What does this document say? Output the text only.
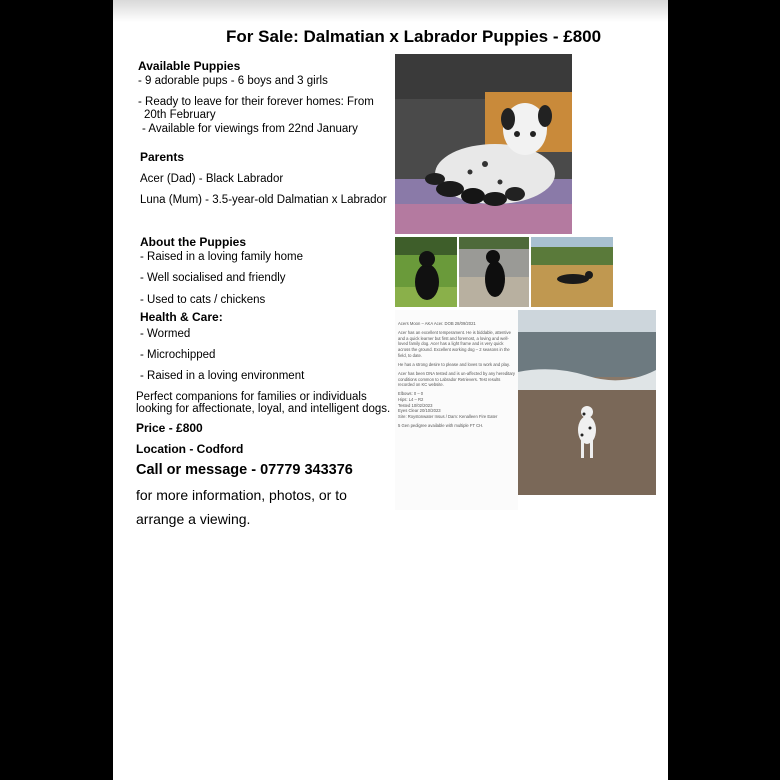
For Sale: Dalmatian x Labrador Puppies - £800
Available Puppies
- 9 adorable pups - 6 boys and 3 girls
- Ready to leave for their forever homes: From
20th February
- Available for viewings from 22nd January
Parents
Acer (Dad) - Black Labrador
Luna (Mum) - 3.5-year-old Dalmatian x Labrador
About the Puppies
- Raised in a loving family home
- Well socialised and friendly
- Used to cats / chickens
Health & Care:
- Wormed
- Microchipped
- Raised in a loving environment
Perfect companions for families or individuals
looking for affectionate, loyal, and intelligent dogs.
Price - £800
Location - Codford
Call or message - 07779 343376
for more information, photos, or to
arrange a viewing.

Acers Moon – AKA Acer. DOB 28/09/2021

Acer has an excellent temperament. He is biddable, attentive and a quick learner but first and foremost, a loving and well-loved family dog. Acer has a light frame and is very quick across the ground. Excellent working dog – 2 seasons in the field, to date.

He has a strong desire to please and loves to work and play.

Acer has been DNA tested and is un-affected by any hereditary conditions common to Labrador Retrievers. Test results recorded on KC website.

Elbows: 0 – 0

Hips: L4 – R2

Tested 10/02/2023

Eyes Clear 20/10/2023

Sire: Roystonwater Insus / Dam: Kenalleen Fire Eater

5 Gen pedigree available with multiple FT CH.
